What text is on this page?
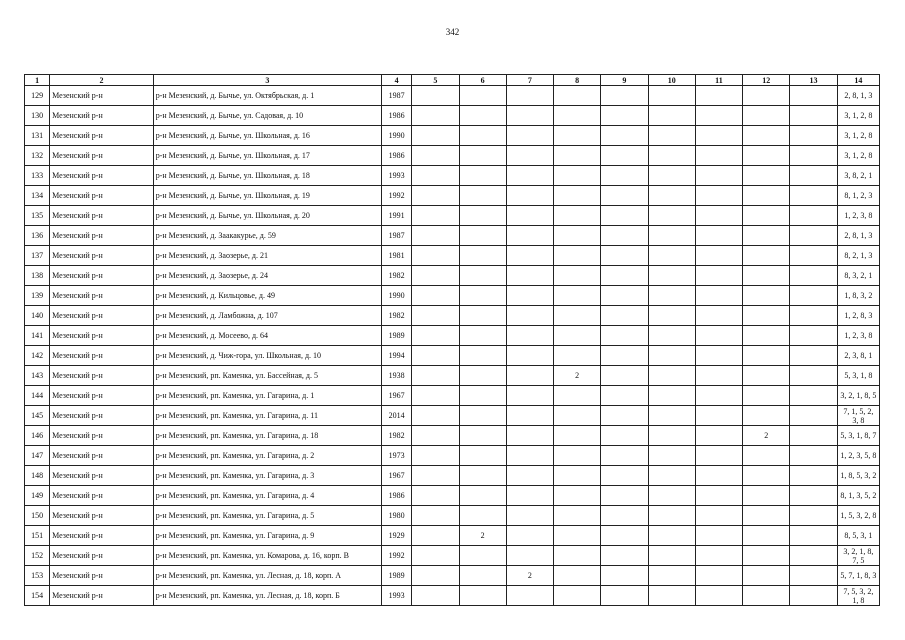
342
1	2	3	4	5	6	7	8	9	10	11	12	13	14
129	Мезенский р-н	р-н Мезенский, д. Бычье, ул. Октябрьская, д. 1	1987										2, 8, 1, 3
130	Мезенский р-н	р-н Мезенский, д. Бычье, ул. Садовая, д. 10	1986										3, 1, 2, 8
131	Мезенский р-н	р-н Мезенский, д. Бычье, ул. Школьная, д. 16	1990										3, 1, 2, 8
132	Мезенский р-н	р-н Мезенский, д. Бычье, ул. Школьная, д. 17	1986										3, 1, 2, 8
133	Мезенский р-н	р-н Мезенский, д. Бычье, ул. Школьная, д. 18	1993										3, 8, 2, 1
134	Мезенский р-н	р-н Мезенский, д. Бычье, ул. Школьная, д. 19	1992										8, 1, 2, 3
135	Мезенский р-н	р-н Мезенский, д. Бычье, ул. Школьная, д. 20	1991										1, 2, 3, 8
136	Мезенский р-н	р-н Мезенский, д. Заакакурье, д. 59	1987										2, 8, 1, 3
137	Мезенский р-н	р-н Мезенский, д. Заозерье, д. 21	1981										8, 2, 1, 3
138	Мезенский р-н	р-н Мезенский, д. Заозерье, д. 24	1982										8, 3, 2, 1
139	Мезенский р-н	р-н Мезенский, д. Кильцовье, д. 49	1990										1, 8, 3, 2
140	Мезенский р-н	р-н Мезенский, д. Ламбожна, д. 107	1982										1, 2, 8, 3
141	Мезенский р-н	р-н Мезенский, д. Мосеево, д. 64	1989										1, 2, 3, 8
142	Мезенский р-н	р-н Мезенский, д. Чиж-гора, ул. Школьная, д. 10	1994										2, 3, 8, 1
143	Мезенский р-н	р-н Мезенский, рп. Каменка, ул. Бассейная, д. 5	1938				2						5, 3, 1, 8
144	Мезенский р-н	р-н Мезенский, рп. Каменка, ул. Гагарина, д. 1	1967										3, 2, 1, 8, 5
145	Мезенский р-н	р-н Мезенский, рп. Каменка, ул. Гагарина, д. 11	2014										7, 1, 5, 2, 3, 8
146	Мезенский р-н	р-н Мезенский, рп. Каменка, ул. Гагарина, д. 18	1982								2		5, 3, 1, 8, 7
147	Мезенский р-н	р-н Мезенский, рп. Каменка, ул. Гагарина, д. 2	1973										1, 2, 3, 5, 8
148	Мезенский р-н	р-н Мезенский, рп. Каменка, ул. Гагарина, д. 3	1967										1, 8, 5, 3, 2
149	Мезенский р-н	р-н Мезенский, рп. Каменка, ул. Гагарина, д. 4	1986										8, 1, 3, 5, 2
150	Мезенский р-н	р-н Мезенский, рп. Каменка, ул. Гагарина, д. 5	1980										1, 5, 3, 2, 8
151	Мезенский р-н	р-н Мезенский, рп. Каменка, ул. Гагарина, д. 9	1929		2								8, 5, 3, 1
152	Мезенский р-н	р-н Мезенский, рп. Каменка, ул. Комарова, д. 16, корп. В	1992										3, 2, 1, 8, 7, 5
153	Мезенский р-н	р-н Мезенский, рп. Каменка, ул. Лесная, д. 18, корп. А	1989			2							5, 7, 1, 8, 3
154	Мезенский р-н	р-н Мезенский, рп. Каменка, ул. Лесная, д. 18, корп. Б	1993										7, 5, 3, 2, 1, 8
